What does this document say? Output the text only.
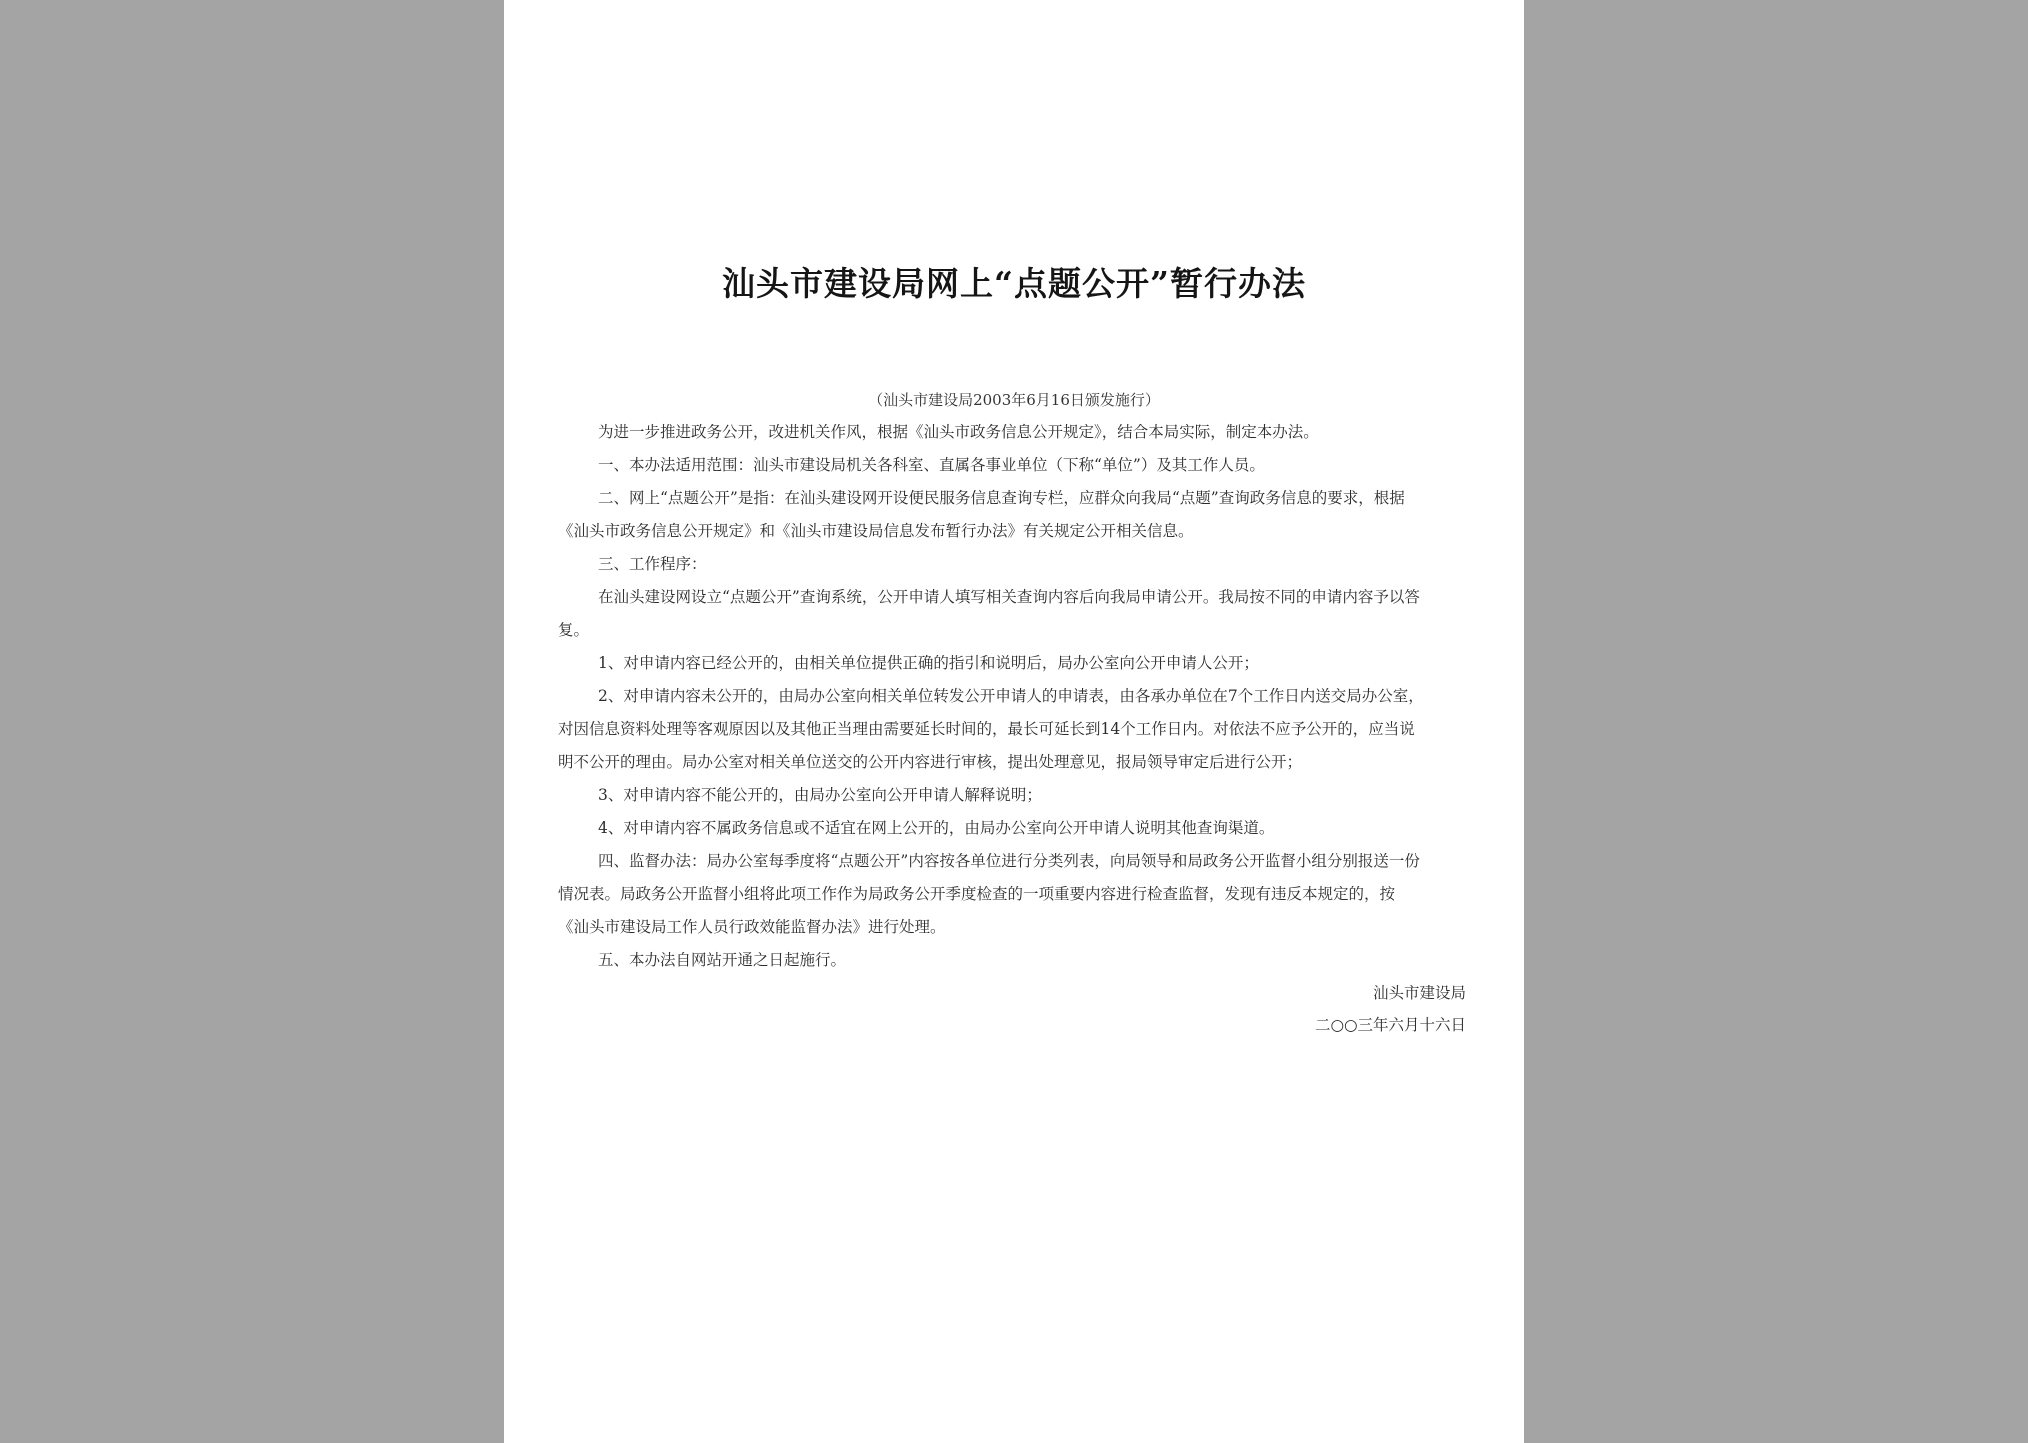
汕头市建设局网上“点题公开”暂行办法
（汕头市建设局2003年6月16日颁发施行）
为进一步推进政务公开，改进机关作风，根据《汕头市政务信息公开规定》，结合本局实际，制定本办法。
一、本办法适用范围：汕头市建设局机关各科室、直属各事业单位（下称“单位”）及其工作人员。
二、网上“点题公开”是指：在汕头建设网开设便民服务信息查询专栏，应群众向我局“点题”查询政务信息的要求，根据
《汕头市政务信息公开规定》和《汕头市建设局信息发布暂行办法》有关规定公开相关信息。
三、工作程序：
在汕头建设网设立“点题公开”查询系统，公开申请人填写相关查询内容后向我局申请公开。我局按不同的申请内容予以答
复。
1、对申请内容已经公开的，由相关单位提供正确的指引和说明后，局办公室向公开申请人公开；
2、对申请内容未公开的，由局办公室向相关单位转发公开申请人的申请表，由各承办单位在7个工作日内送交局办公室，
对因信息资料处理等客观原因以及其他正当理由需要延长时间的，最长可延长到14个工作日内。对依法不应予公开的，应当说
明不公开的理由。局办公室对相关单位送交的公开内容进行审核，提出处理意见，报局领导审定后进行公开；
3、对申请内容不能公开的，由局办公室向公开申请人解释说明；
4、对申请内容不属政务信息或不适宜在网上公开的，由局办公室向公开申请人说明其他查询渠道。
四、监督办法：局办公室每季度将“点题公开”内容按各单位进行分类列表，向局领导和局政务公开监督小组分别报送一份
情况表。局政务公开监督小组将此项工作作为局政务公开季度检查的一项重要内容进行检查监督，发现有违反本规定的，按
《汕头市建设局工作人员行政效能监督办法》进行处理。
五、本办法自网站开通之日起施行。
汕头市建设局
二○○三年六月十六日
